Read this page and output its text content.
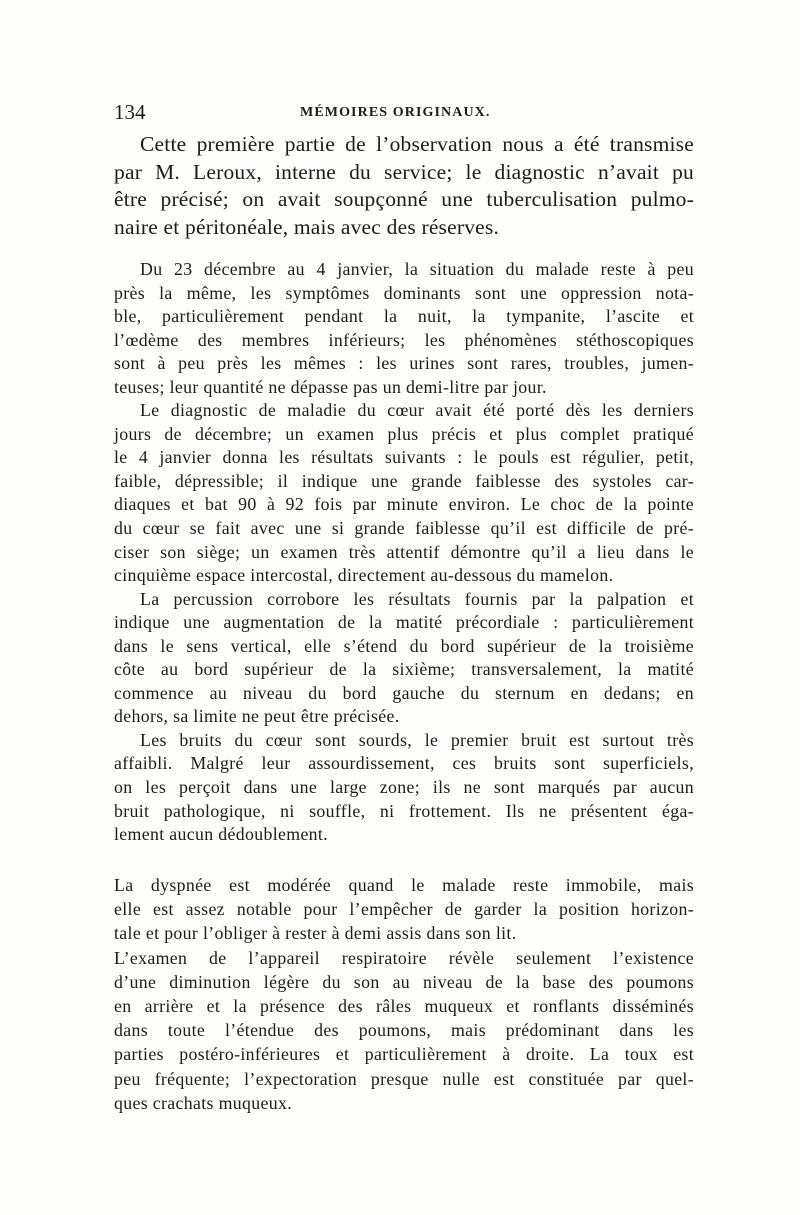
134	MÉMOIRES ORIGINAUX.
Cette première partie de l’observation nous a été transmise
par M. Leroux, interne du service; le diagnostic n’avait pu
être précisé; on avait soupçonné une tuberculisation pulmo-
naire et péritonéale, mais avec des réserves.
Du 23 décembre au 4 janvier, la situation du malade reste à peu
près la même, les symptômes dominants sont une oppression nota-
ble, particulièrement pendant la nuit, la tympanite, l’ascite et
l’œdème des membres inférieurs; les phénomènes stéthoscopiques
sont à peu près les mêmes : les urines sont rares, troubles, jumen-
teuses; leur quantité ne dépasse pas un demi-litre par jour.
Le diagnostic de maladie du cœur avait été porté dès les derniers
jours de décembre; un examen plus précis et plus complet pratiqué
le 4 janvier donna les résultats suivants : le pouls est régulier, petit,
faible, dépressible; il indique une grande faiblesse des systoles car-
diaques et bat 90 à 92 fois par minute environ. Le choc de la pointe
du cœur se fait avec une si grande faiblesse qu’il est difficile de pré-
ciser son siège; un examen très attentif démontre qu’il a lieu dans le
cinquième espace intercostal, directement au-dessous du mamelon.
La percussion corrobore les résultats fournis par la palpation et
indique une augmentation de la matité précordiale : particulièrement
dans le sens vertical, elle s’étend du bord supérieur de la troisième
côte au bord supérieur de la sixième; transversalement, la matité
commence au niveau du bord gauche du sternum en dedans; en
dehors, sa limite ne peut être précisée.
Les bruits du cœur sont sourds, le premier bruit est surtout très
affaibli. Malgré leur assourdissement, ces bruits sont superficiels,
on les perçoit dans une large zone; ils ne sont marqués par aucun
bruit pathologique, ni souffle, ni frottement. Ils ne présentent éga-
lement aucun dédoublement.
La dyspnée est modérée quand le malade reste immobile, mais
elle est assez notable pour l’empêcher de garder la position horizon-
tale et pour l’obliger à rester à demi assis dans son lit.
L’examen de l’appareil respiratoire révèle seulement l’existence
d’une diminution légère du son au niveau de la base des poumons
en arrière et la présence des râles muqueux et ronflants disséminés
dans toute l’étendue des poumons, mais prédominant dans les
parties postéro-inférieures et particulièrement à droite. La toux est
peu fréquente; l’expectoration presque nulle est constituée par quel-
ques crachats muqueux.
